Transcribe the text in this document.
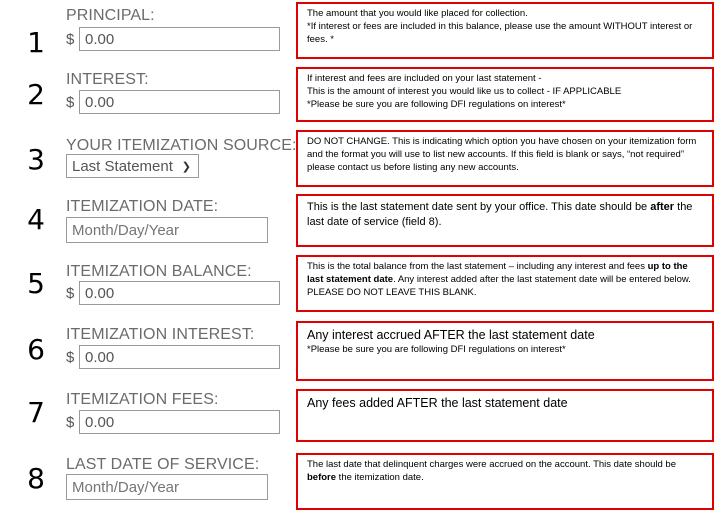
1
PRINCIPAL:
$
0.00
The amount that you would like placed for collection.
*If interest or fees are included in this balance, please use the amount WITHOUT interest or fees. *
2 INTEREST:
$
0.00
If interest and fees are included on your last statement -
This is the amount of interest you would like us to collect - IF APPLICABLE
*Please be sure you are following DFI regulations on interest*
3 YOUR ITEMIZATION SOURCE:
Last Statement ❯
DO NOT CHANGE. This is indicating which option you have chosen on your itemization form and the format you will use to list new accounts. If this field is blank or says, “not required” please contact us before listing any new accounts.
4 ITEMIZATION DATE:
Month/Day/Year	This is the last statement date sent by your office. This date should be after the last date of service (field 8).
5 ITEMIZATION BALANCE:
$
0.00
This is the total balance from the last statement – including any interest and fees up to the last statement date. Any interest added after the last statement date will be entered below. PLEASE DO NOT LEAVE THIS BLANK.
6 ITEMIZATION INTEREST:
$
0.00
Any interest accrued AFTER the last statement date

*Please be sure you are following DFI regulations on interest*
7 ITEMIZATION FEES:
$
0.00
Any fees added AFTER the last statement date
8 LAST DATE OF SERVICE:
Month/Day/Year	The last date that delinquent charges were accrued on the account. This date should be before the itemization date.
